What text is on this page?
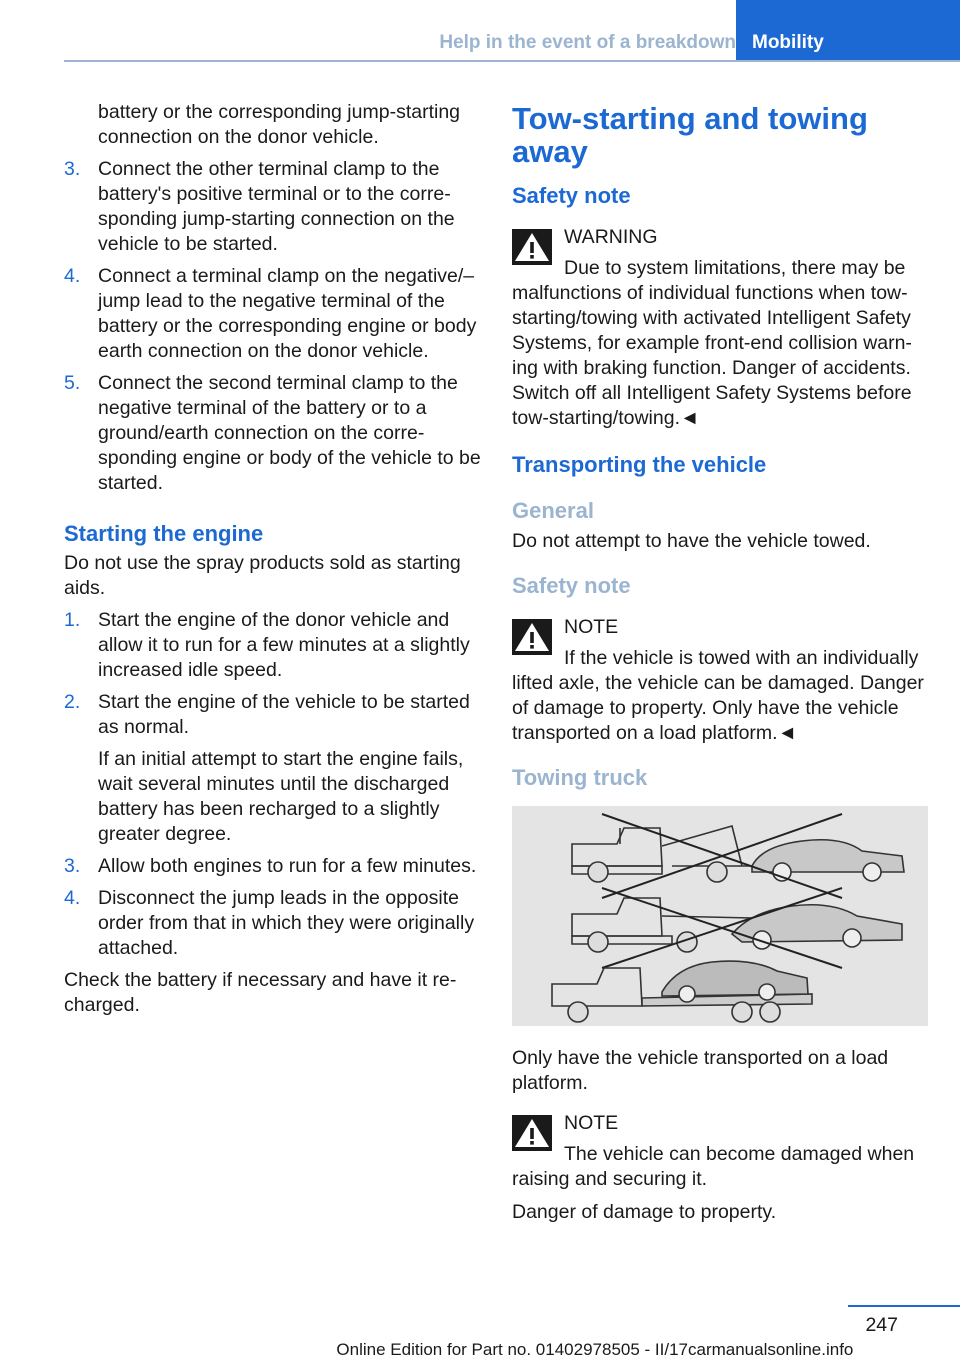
Help in the event of a breakdown Mobility

battery or the corresponding jump-starting connection on the donor vehicle.

3. Connect the other terminal clamp to the battery's positive terminal or to the corresponding jump-starting connection on the vehicle to be started.
4. Connect a terminal clamp on the negative/– jump lead to the negative terminal of the battery or the corresponding engine or body earth connection on the donor vehicle.
5. Connect the second terminal clamp to the negative terminal of the battery or to a ground/earth connection on the corresponding engine or body of the vehicle to be started.
Starting the engine

Do not use the spray products sold as starting aids.

1. Start the engine of the donor vehicle and allow it to run for a few minutes at a slightly increased idle speed.
2. Start the engine of the vehicle to be started as normal.

If an initial attempt to start the engine fails, wait several minutes until the discharged battery has been recharged to a slightly greater degree.

3. Allow both engines to run for a few minutes.
4. Disconnect the jump leads in the opposite order from that in which they were originally attached.

Check the battery if necessary and have it recharged.

Tow-starting and towing away
Safety note
WARNING
Due to system limitations, there may be
malfunctions of individual functions when tow-starting/towing with activated Intelligent Safety Systems, for example front-end collision warning with braking function. Danger of accidents. Switch off all Intelligent Safety Systems before tow-starting/towing.◄
Transporting the vehicle
General

Do not attempt to have the vehicle towed.

Safety note
NOTE
If the vehicle is towed with an individually
lifted axle, the vehicle can be damaged. Danger of damage to property. Only have the vehicle transported on a load platform.◄
Towing truck

Only have the vehicle transported on a load platform.

NOTE
The vehicle can become damaged when
raising and securing it.

Danger of damage to property.

247
Online Edition for Part no. 01402978505 - II/17 carmanualsonline.info
